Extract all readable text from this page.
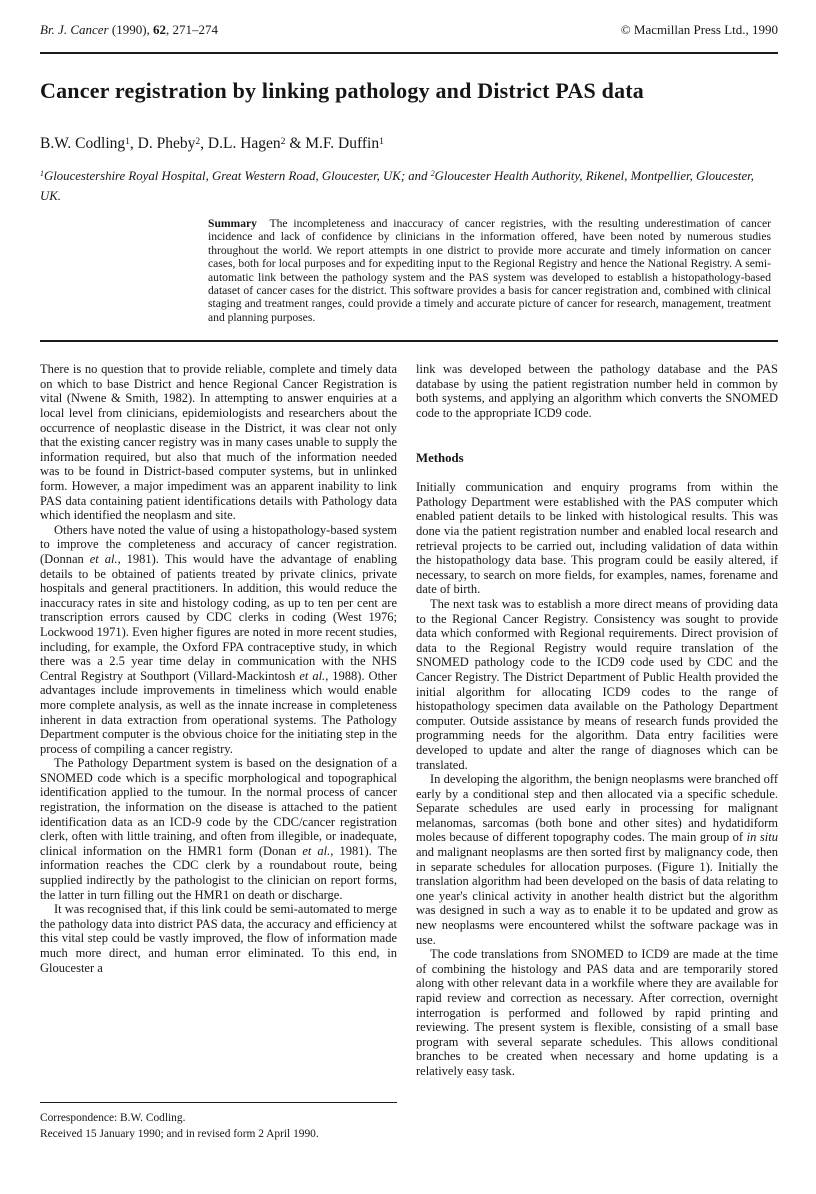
Br. J. Cancer (1990), 62, 271–274	© Macmillan Press Ltd., 1990
Cancer registration by linking pathology and District PAS data
B.W. Codling$^1$, D. Pheby$^2$, D.L. Hagen$^2$ & M.F. Duffin$^1$

$^1$Gloucestershire Royal Hospital, Great Western Road, Gloucester, UK; and $^2$Gloucester Health Authority, Rikenel, Montpellier, Gloucester, UK.

Summary The incompleteness and inaccuracy of cancer registries, with the resulting underestimation of cancer incidence and lack of confidence by clinicians in the information offered, have been noted by numerous studies throughout the world. We report attempts in one district to provide more accurate and timely information on cancer cases, both for local purposes and for expediting input to the Regional Registry and hence the National Registry. A semi-automatic link between the pathology system and the PAS system was developed to establish a histopathology-based dataset of cancer cases for the district. This software provides a basis for cancer registration and, combined with clinical staging and treatment ranges, could provide a timely and accurate picture of cancer for research, management, treatment and planning purposes.

There is no question that to provide reliable, complete and timely data on which to base District and hence Regional Cancer Registration is vital (Nwene & Smith, 1982). In attempting to answer enquiries at a local level from clinicians, epidemiologists and researchers about the occurrence of neoplastic disease in the District, it was clear not only that the existing cancer registry was in many cases unable to supply the information required, but also that much of the information needed was to be found in District-based computer systems, but in unlinked form. However, a major impediment was an apparent inability to link PAS data containing patient identifications details with Pathology data which identified the neoplasm and site.

Others have noted the value of using a histopathology-based system to improve the completeness and accuracy of cancer registration. (Donnan et al., 1981). This would have the advantage of enabling details to be obtained of patients treated by private clinics, private hospitals and general practitioners. In addition, this would reduce the inaccuracy rates in site and histology coding, as up to ten per cent are transcription errors caused by CDC clerks in coding (West 1976; Lockwood 1971). Even higher figures are noted in more recent studies, including, for example, the Oxford FPA contraceptive study, in which there was a 2.5 year time delay in communication with the NHS Central Registry at Southport (Villard-Mackintosh et al., 1988). Other advantages include improvements in timeliness which would enable more complete analysis, as well as the innate increase in completeness inherent in data extraction from operational systems. The Pathology Department computer is the obvious choice for the initiating step in the process of compiling a cancer registry.

The Pathology Department system is based on the designation of a SNOMED code which is a specific morphological and topographical identification applied to the tumour. In the normal process of cancer registration, the information on the disease is attached to the patient identification data as an ICD-9 code by the CDC/cancer registration clerk, often with little training, and often from illegible, or inadequate, clinical information on the HMR1 form (Donan et al., 1981). The information reaches the CDC clerk by a roundabout route, being supplied indirectly by the pathologist to the clinician on report forms, the latter in turn filling out the HMR1 on death or discharge.

It was recognised that, if this link could be semi-automated to merge the pathology data into district PAS data, the accuracy and efficiency at this vital step could be vastly improved, the flow of information made much more direct, and human error eliminated. To this end, in Gloucester a

Correspondence: B.W. Codling.
Received 15 January 1990; and in revised form 2 April 1990.

link was developed between the pathology database and the PAS database by using the patient registration number held in common by both systems, and applying an algorithm which converts the SNOMED code to the appropriate ICD9 code.

Methods

Initially communication and enquiry programs from within the Pathology Department were established with the PAS computer which enabled patient details to be linked with histological results. This was done via the patient registration number and enabled local research and retrieval projects to be carried out, including validation of data within the histopathology data base. This program could be easily altered, if necessary, to search on more fields, for examples, names, forename and date of birth.

The next task was to establish a more direct means of providing data to the Regional Cancer Registry. Consistency was sought to provide data which conformed with Regional requirements. Direct provision of data to the Regional Registry would require translation of the SNOMED pathology code to the ICD9 code used by CDC and the Cancer Registry. The District Department of Public Health provided the initial algorithm for allocating ICD9 codes to the range of histopathology specimen data available on the Pathology Department computer. Outside assistance by means of research funds provided the programming needs for the algorithm. Data entry facilities were developed to update and alter the range of diagnoses which can be translated.

In developing the algorithm, the benign neoplasms were branched off early by a conditional step and then allocated via a specific schedule. Separate schedules are used early in processing for malignant melanomas, sarcomas (both bone and other sites) and hydatidiform moles because of different topography codes. The main group of in situ and malignant neoplasms are then sorted first by malignancy code, then in separate schedules for allocation purposes. (Figure 1). Initially the translation algorithm had been developed on the basis of data relating to one year's clinical activity in another health district but the algorithm was designed in such a way as to enable it to be updated and grow as new neoplasms were encountered whilst the software package was in use.

The code translations from SNOMED to ICD9 are made at the time of combining the histology and PAS data and are temporarily stored along with other relevant data in a workfile where they are available for rapid review and correction as necessary. After correction, overnight interrogation is performed and followed by rapid printing and reviewing. The present system is flexible, consisting of a small base program with several separate schedules. This allows conditional branches to be created when necessary and home updating is a relatively easy task.
